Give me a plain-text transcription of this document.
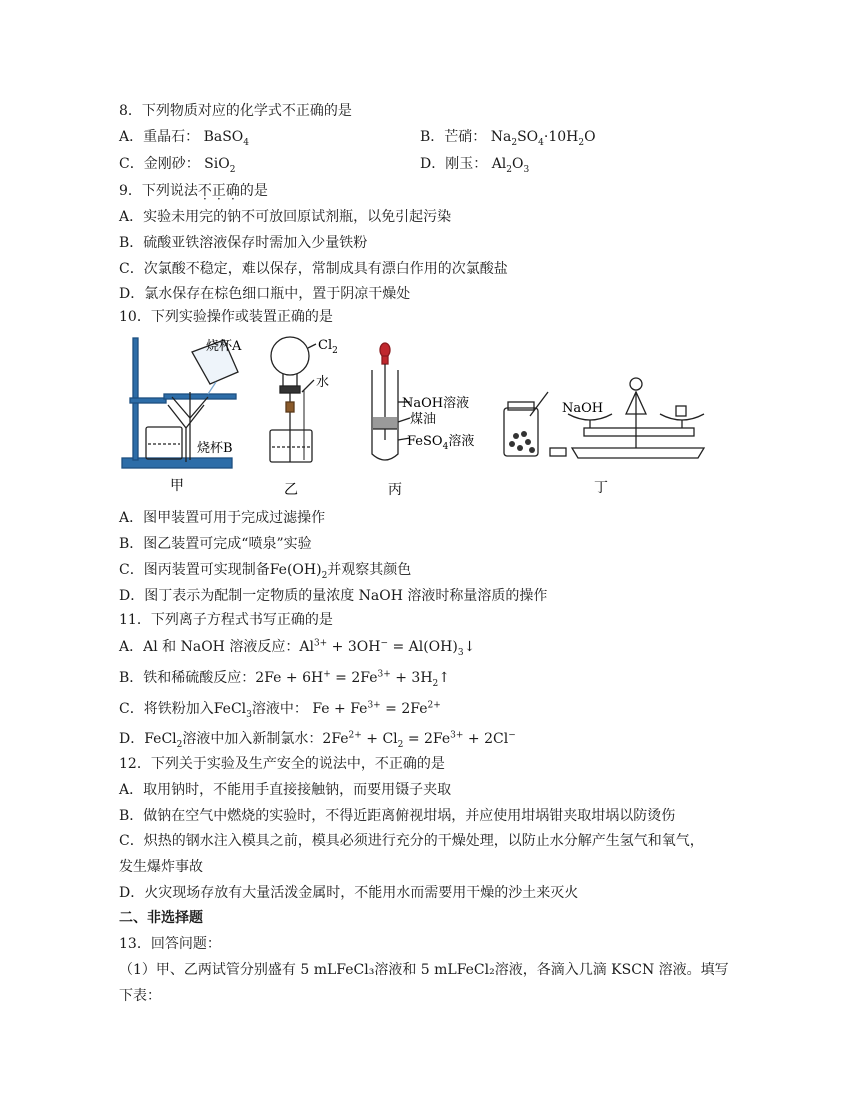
8．下列物质对应的化学式不正确的是
A．重晶石： BaSO$_4$	B．芒硝： $Na_2SO_4\cdot 10H_2O$
C．金刚砂： SiO$_2$	D．刚玉： $Al_2O_3$
9．下列说法不正确的是
A．实验未用完的钠不可放回原试剂瓶，以免引起污染
B．硫酸亚铁溶液保存时需加入少量铁粉
C．次氯酸不稳定，难以保存，常制成具有漂白作用的次氯酸盐
D．氯水保存在棕色细口瓶中，置于阴凉干燥处
10．下列实验操作或装置正确的是
烧杯A
烧杯B
$Cl_2$
水
NaOH溶液
煤油
FeSO$_4$溶液
NaOH
甲	乙	丙	丁
A．图甲装置可用于完成过滤操作
B．图乙装置可完成“喷泉”实验
C．图丙装置可实现制备$Fe(OH)_2$并观察其颜色
D．图丁表示为配制一定物质的量浓度 NaOH 溶液时称量溶质的操作
11．下列离子方程式书写正确的是
A．Al 和 NaOH 溶液反应：$Al^{3+} + 3OH^-$ = $Al(OH)_3↓$
B．铁和稀硫酸反应：$2Fe + 6H^+ = 2Fe^{3+}$ + $3H_2↑$
C．将铁粉加入FeCl$_3$溶液中： $Fe + Fe^{3+} = 2Fe^{2+}$
D．FeCl$_2$溶液中加入新制氯水：$2Fe^{2+} + Cl_2 = 2Fe^{3+} + 2Cl^-$
12．下列关于实验及生产安全的说法中，不正确的是
A．取用钠时，不能用手直接接触钠，而要用镊子夹取
B．做钠在空气中燃烧的实验时，不得近距离俯视坩埚，并应使用坩埚钳夹取坩埚以防烫伤
C．炽热的钢水注入模具之前，模具必须进行充分的干燥处理，以防止水分解产生氢气和氧气，
发生爆炸事故
D．火灾现场存放有大量活泼金属时，不能用水而需要用干燥的沙土来灭火
二、非选择题
13．回答问题：
（1）甲、乙两试管分别盛有 5 mLFeCl₃溶液和 5 mLFeCl₂溶液，各滴入几滴 KSCN 溶液。填写
下表：
